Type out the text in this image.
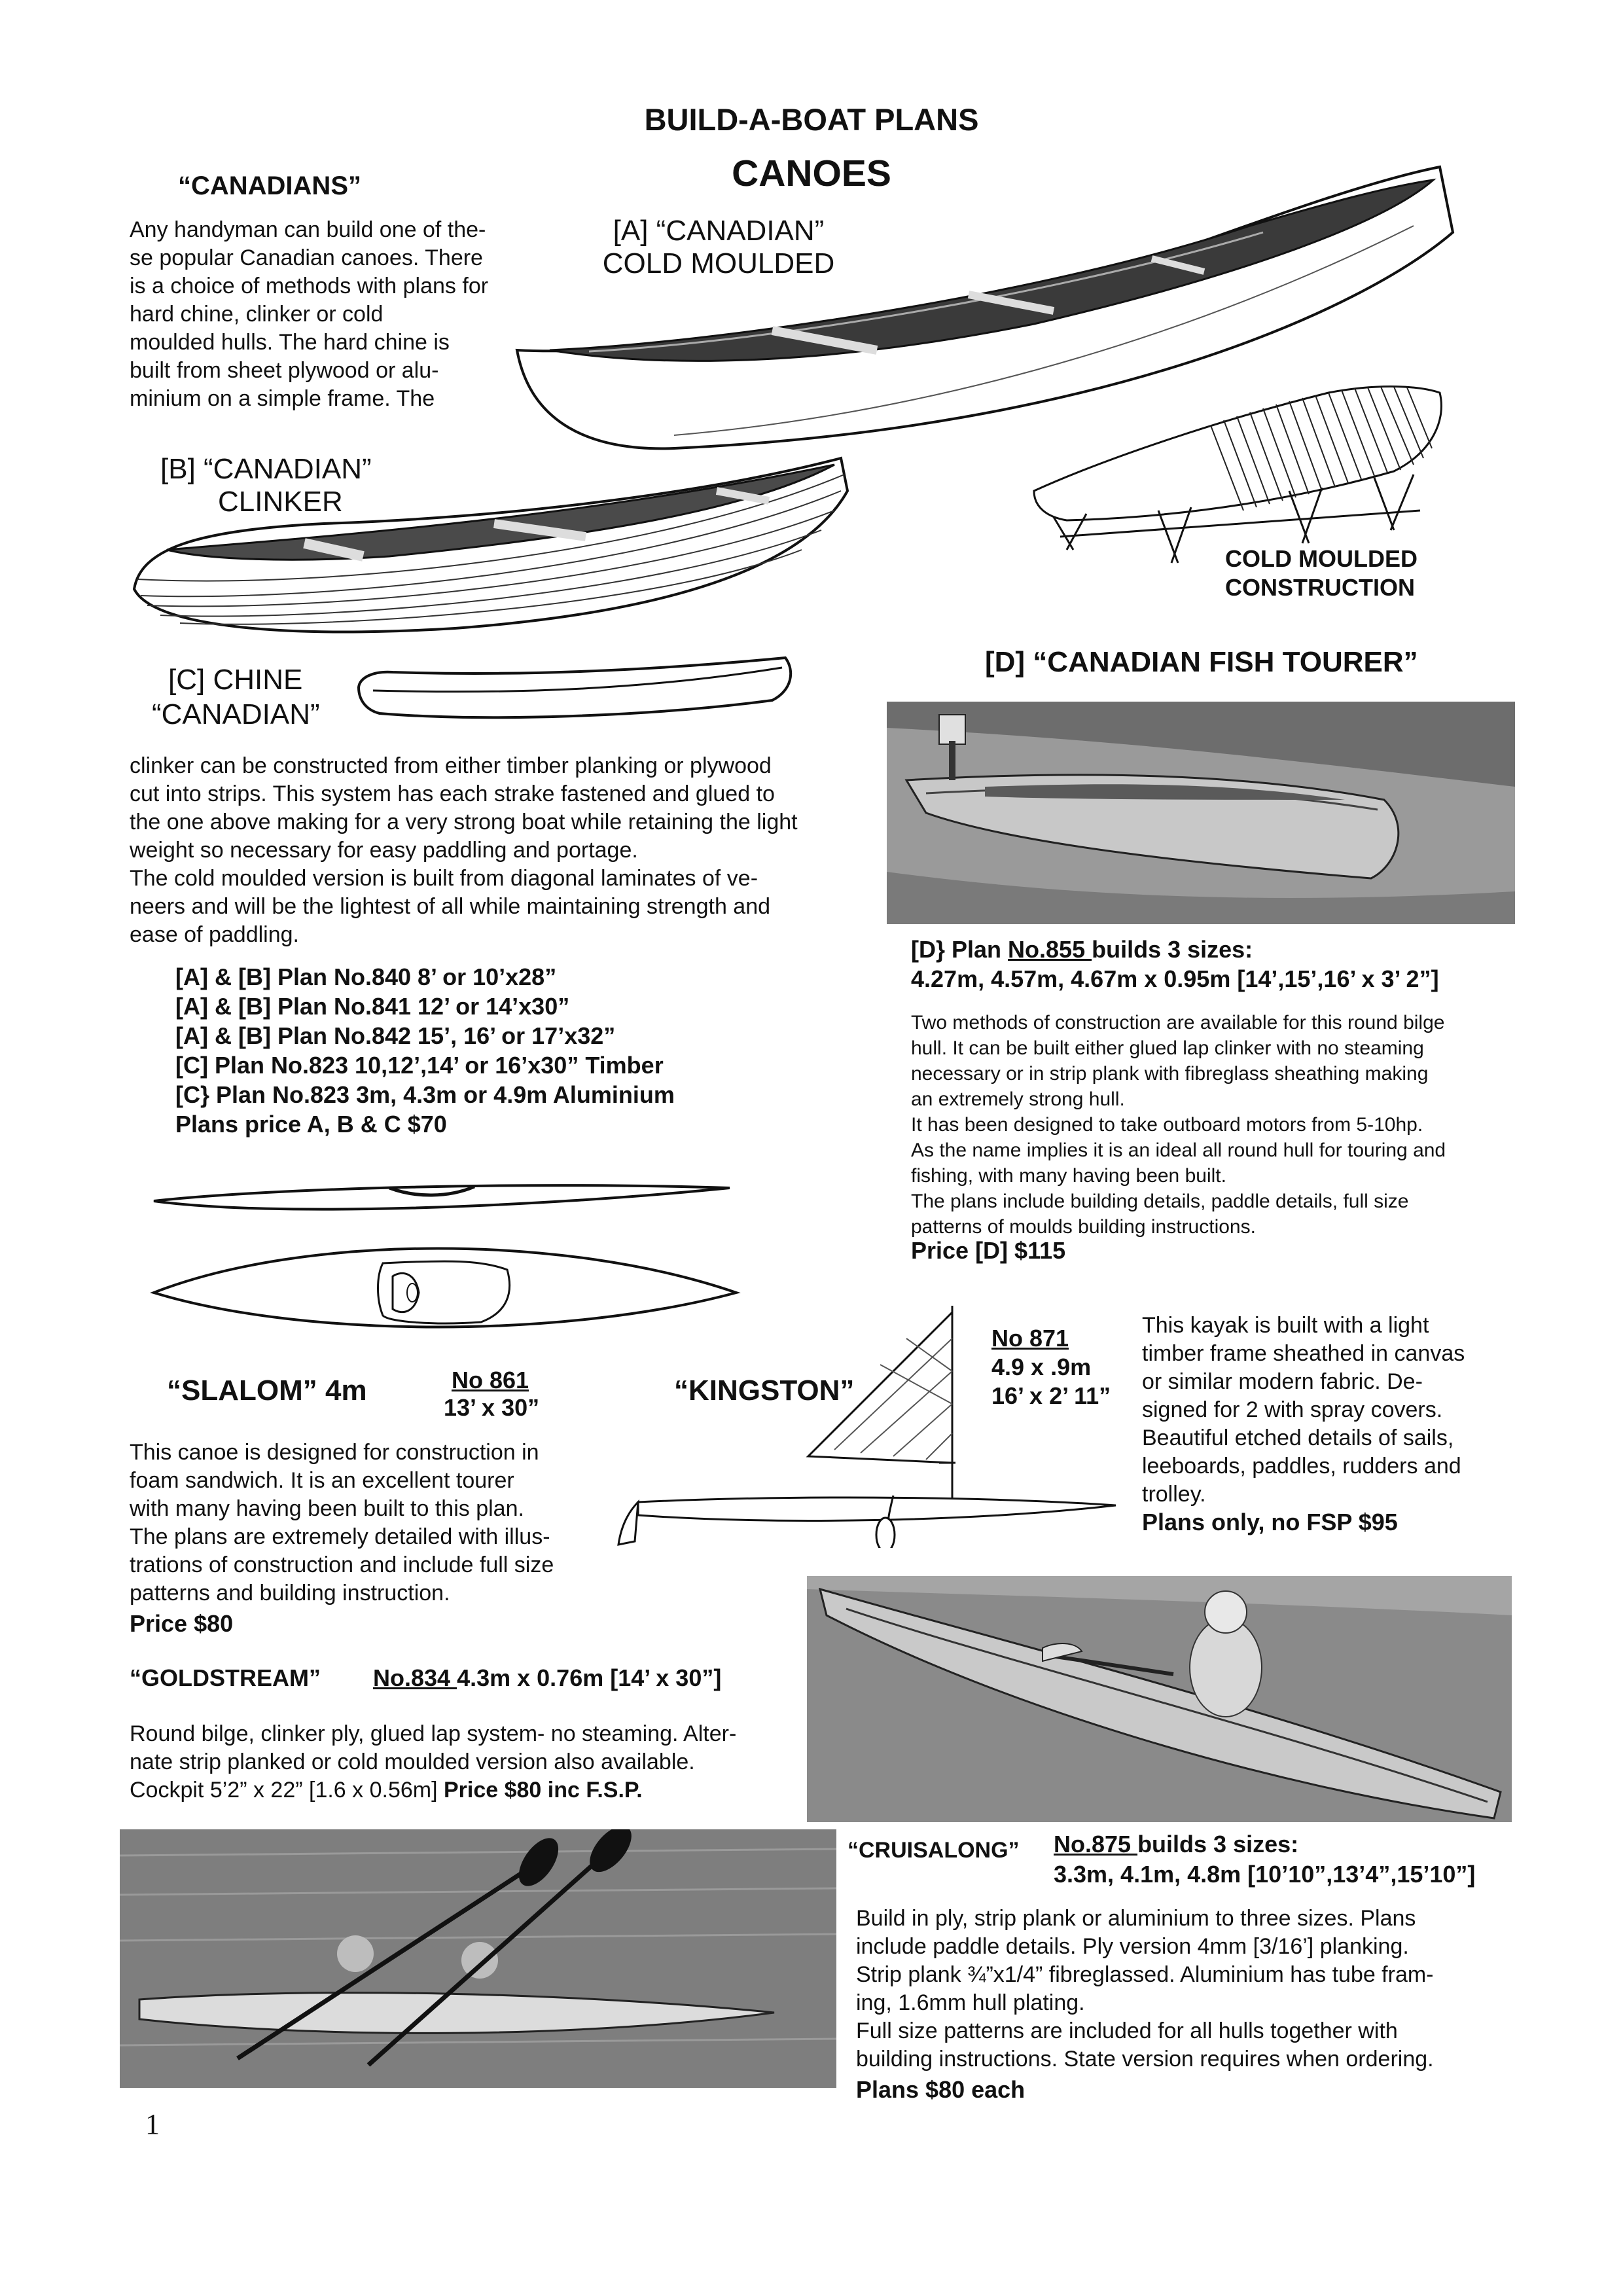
BUILD-A-BOAT PLANS
CANOES
“CANADIANS”
Any handyman can build one of the-
se popular Canadian canoes. There
is a choice of methods with plans for
hard chine, clinker or cold
moulded hulls. The hard chine is
built from sheet plywood or alu-
minium on a simple frame. The
[A] “CANADIAN”
COLD MOULDED
[B] “CANADIAN”
CLINKER
COLD MOULDED
CONSTRUCTION
[C] CHINE
“CANADIAN”
clinker can be constructed from either timber planking or plywood
cut into strips. This system has each strake fastened and glued to
the one above making for a very strong boat while retaining the light
weight so necessary for easy paddling and portage.
The cold moulded version is built from diagonal laminates of ve-
neers and will be the lightest of all while maintaining strength and
ease of paddling.
[A] & [B] Plan No.840 8’ or 10’x28”
[A] & [B] Plan No.841 12’ or 14’x30”
[A] & [B] Plan No.842 15’, 16’ or 17’x32”
[C] Plan No.823 10,12’,14’ or 16’x30” Timber
[C} Plan No.823 3m, 4.3m or 4.9m Aluminium
Plans price A, B & C $70
[D] “CANADIAN FISH TOURER”
[D} Plan No.855 builds 3 sizes:
4.27m, 4.57m, 4.67m x 0.95m [14’,15’,16’ x 3’ 2”]
Two methods of construction are available for this round bilge
hull. It can be built either glued lap clinker with no steaming
necessary or in strip plank with fibreglass sheathing making
an extremely strong hull.
It has been designed to take outboard motors from 5-10hp.
As the name implies it is an ideal all round hull for touring and
fishing, with many having been built.
The plans include building details, paddle details, full size
patterns of moulds building instructions.
Price [D] $115
“SLALOM” 4m	No 861
13’ x 30”
This canoe is designed for construction in
foam sandwich. It is an excellent tourer
with many having been built to this plan.
The plans are extremely detailed with illus-
trations of construction and include full size
patterns and building instruction.
Price $80
“KINGSTON”
No 871
4.9 x .9m
16’ x 2’ 11”
This kayak is built with a light
timber frame sheathed in canvas
or similar modern fabric. De-
signed for 2 with spray covers.
Beautiful etched details of sails,
leeboards, paddles, rudders and
trolley.
Plans only, no FSP $95
“GOLDSTREAM” No.834 4.3m x 0.76m [14’ x 30”]
Round bilge, clinker ply, glued lap system- no steaming. Alter-
nate strip planked or cold moulded version also available.
Cockpit 5’2” x 22” [1.6 x 0.56m] Price $80 inc F.S.P.
“CRUISALONG” No.875 builds 3 sizes:
3.3m, 4.1m, 4.8m [10’10”,13’4”,15’10”]
Build in ply, strip plank or aluminium to three sizes. Plans
include paddle details. Ply version 4mm [3/16’] planking.
Strip plank ¾”x1/4” fibreglassed. Aluminium has tube fram-
ing, 1.6mm hull plating.
Full size patterns are included for all hulls together with
building instructions. State version requires when ordering.
Plans $80 each
1
